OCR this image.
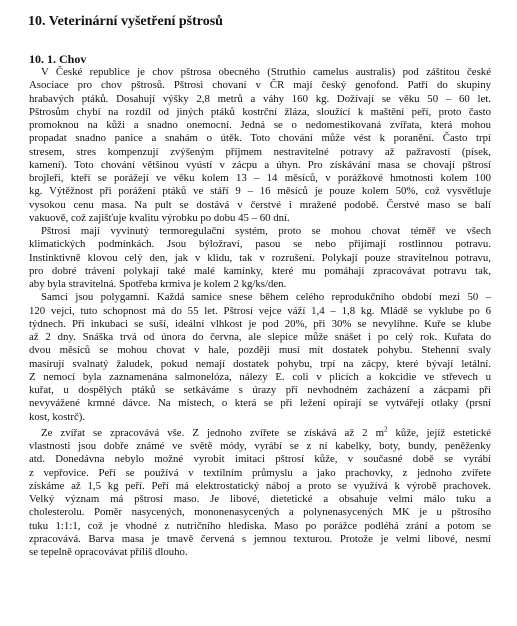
10. Veterinární vyšetření pštrosů
10. 1. Chov
V České republice je chov pštrosa obecného (Struthio camelus australis) pod záštitou české
Asociace pro chov pštrosů. Pštrosi chovaní v ČR mají český genofond. Patří do skupiny
hrabavých ptáků. Dosahují výšky 2,8 metrů a váhy 160 kg. Dožívají se věku 50 – 60 let.
Pštrosům chybí na rozdíl od jiných ptáků kostrční žláza, sloužící k maštění peří, proto často
promoknou na kůži a snadno onemocní. Jedná se o nedomestikovaná zvířata, která mohou
propadat snadno panice a snahám o útěk. Toto chování může vést k poranění. Často trpí
stresem, stres kompenzují zvýšeným příjmem nestravitelné potravy až pažravostí (písek,
kamení). Toto chování většinou vyústí v zácpu a úhyn. Pro získávání masa se chovají pštrosí
brojleři, kteří se porážejí ve věku kolem 13 – 14 měsíců, v porážkové hmotnosti kolem 100
kg. Výtěžnost při porážení ptáků ve stáří 9 – 16 měsíců je pouze kolem 50%, což vysvětluje
vysokou cenu masa. Na pult se dostává v čerstvé i mražené podobě. Čerstvé maso se balí
vakuově, což zajišťuje kvalitu výrobku po dobu 45 – 60 dní.
Pštrosi mají vyvinutý termoregulační systém, proto se mohou chovat téměř ve všech
klimatických podmínkách. Jsou býložraví, pasou se nebo přijímají rostlinnou potravu.
Instinktivně klovou celý den, jak v klidu, tak v rozrušení. Polykají pouze stravitelnou potravu,
pro dobré trávení polykají také malé kamínky, které mu pomáhají zpracovávat potravu tak,
aby byla stravitelná. Spotřeba krmiva je kolem 2 kg/ks/den.
Samci jsou polygamní. Každá samice snese během celého reprodukčního období mezi 50 –
120 vejci, tuto schopnost má do 55 let. Pštrosí vejce váží 1,4 – 1,8 kg. Mládě se vyklube po 6
týdnech. Při inkubaci se suší, ideální vlhkost je pod 20%, při 30% se nevylíhne. Kuře se klube
až 2 dny. Snáška trvá od února do června, ale slepice může snášet i po celý rok. Kuřata do
dvou měsíců se mohou chovat v hale, později musí mít dostatek pohybu. Stehenní svaly
masírují svalnatý žaludek, pokud nemají dostatek pohybu, trpí na zácpy, které bývají letální.
Z nemocí byla zaznamenána salmonelóza, nálezy E. coli v plicích a kokcidie ve střevech u
kuřat, u dospělých ptáků se setkáváme s úrazy při nevhodném zacházení a zácpami při
nevyvážené krmné dávce. Na místech, o která se při ležení opírají se vytvářejí otlaky (prsní
kost, kostrč).
Ze zvířat se zpracovává vše. Z jednoho zvířete se získává až 2 $m^2$ kůže, jejíž estetické
vlastnosti jsou dobře známé ve světě módy, vyrábí se z ní kabelky, boty, bundy, peněženky
atd. Donedávna nebylo možné vyrobit imitaci pštrosí kůže, v současné době se vyrábí
z vepřovice. Peří se používá v textilním průmyslu a jako prachovky, z jednoho zvířete
získáme až 1,5 kg peří. Peří má elektrostatický náboj a proto se využívá k výrobě prachovek.
Velký význam má pštrosí maso. Je libové, dietetické a obsahuje velmi málo tuku a
cholesterolu. Poměr nasycených, mononenasycených a polynenasycených MK je u pštrosího
tuku 1:1:1, což je vhodné z nutričního hlediska. Maso po porážce podléhá zrání a potom se
zpracovává. Barva masa je tmavě červená s jemnou texturou. Protože je velmi libové, nesmí
se tepelně opracovávat příliš dlouho.
